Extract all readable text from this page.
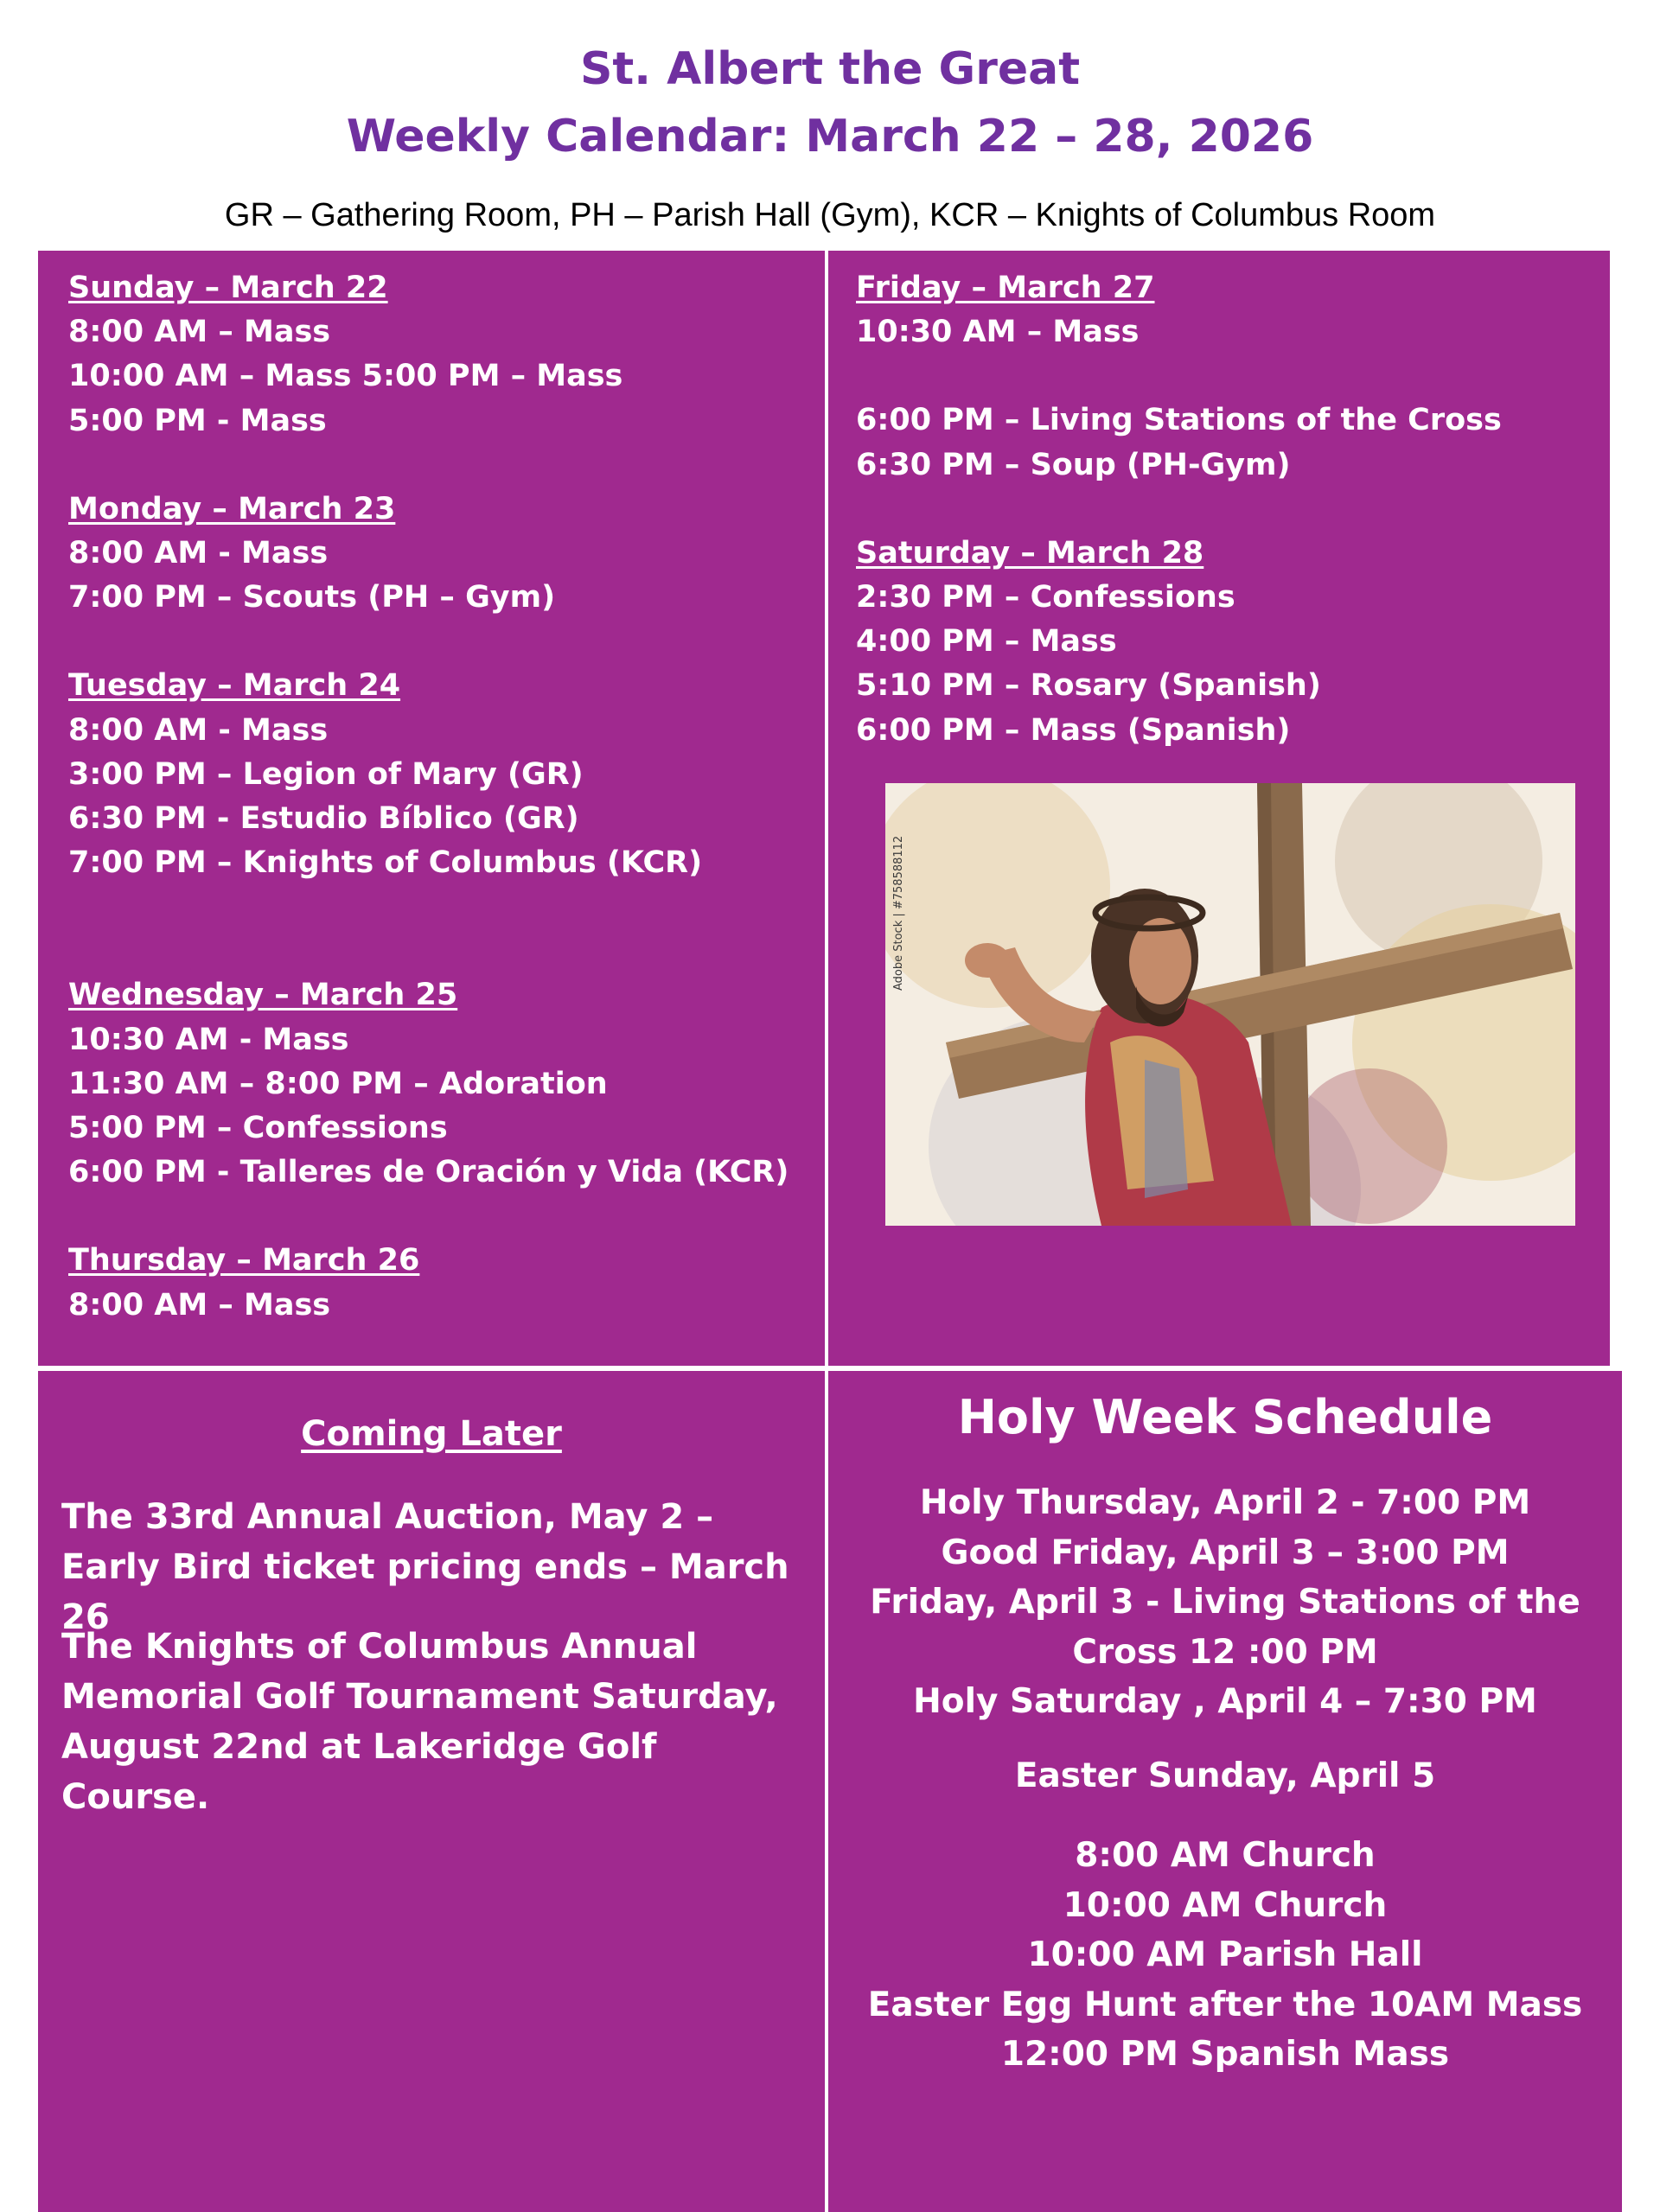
St. Albert the Great
Weekly Calendar: March 22 – 28, 2026
GR – Gathering Room, PH – Parish Hall (Gym), KCR – Knights of Columbus Room
Sunday – March 22
8:00 AM – Mass
10:00 AM – Mass 5:00 PM – Mass
5:00 PM - Mass
Monday – March 23
8:00 AM - Mass
7:00 PM – Scouts (PH – Gym)
Tuesday – March 24
8:00 AM - Mass
3:00 PM – Legion of Mary (GR)
6:30 PM - Estudio Bíblico (GR)
7:00 PM – Knights of Columbus (KCR)
Wednesday – March 25
10:30 AM - Mass
11:30 AM – 8:00 PM – Adoration
5:00 PM – Confessions
6:00 PM - Talleres de Oración y Vida (KCR)
Thursday – March 26
8:00 AM – Mass
Friday – March 27
10:30 AM – Mass
6:00 PM – Living Stations of the Cross
6:30 PM – Soup (PH-Gym)
Saturday – March 28
2:30 PM – Confessions
4:00 PM – Mass
5:10 PM – Rosary (Spanish)
6:00 PM – Mass (Spanish)
Adobe Stock | #758588112
Coming Later

The 33rd Annual Auction, May 2 – Early Bird ticket pricing ends – March 26

The Knights of Columbus Annual Memorial Golf Tournament Saturday, August 22nd at Lakeridge Golf Course.

Holy Week Schedule
Holy Thursday, April 2 - 7:00 PM
Good Friday, April 3 – 3:00 PM
Friday, April 3 - Living Stations of the
Cross 12 :00 PM
Holy Saturday , April 4 – 7:30 PM
Easter Sunday, April 5
8:00 AM Church
10:00 AM Church
10:00 AM Parish Hall
Easter Egg Hunt after the 10AM Mass
12:00 PM Spanish Mass
